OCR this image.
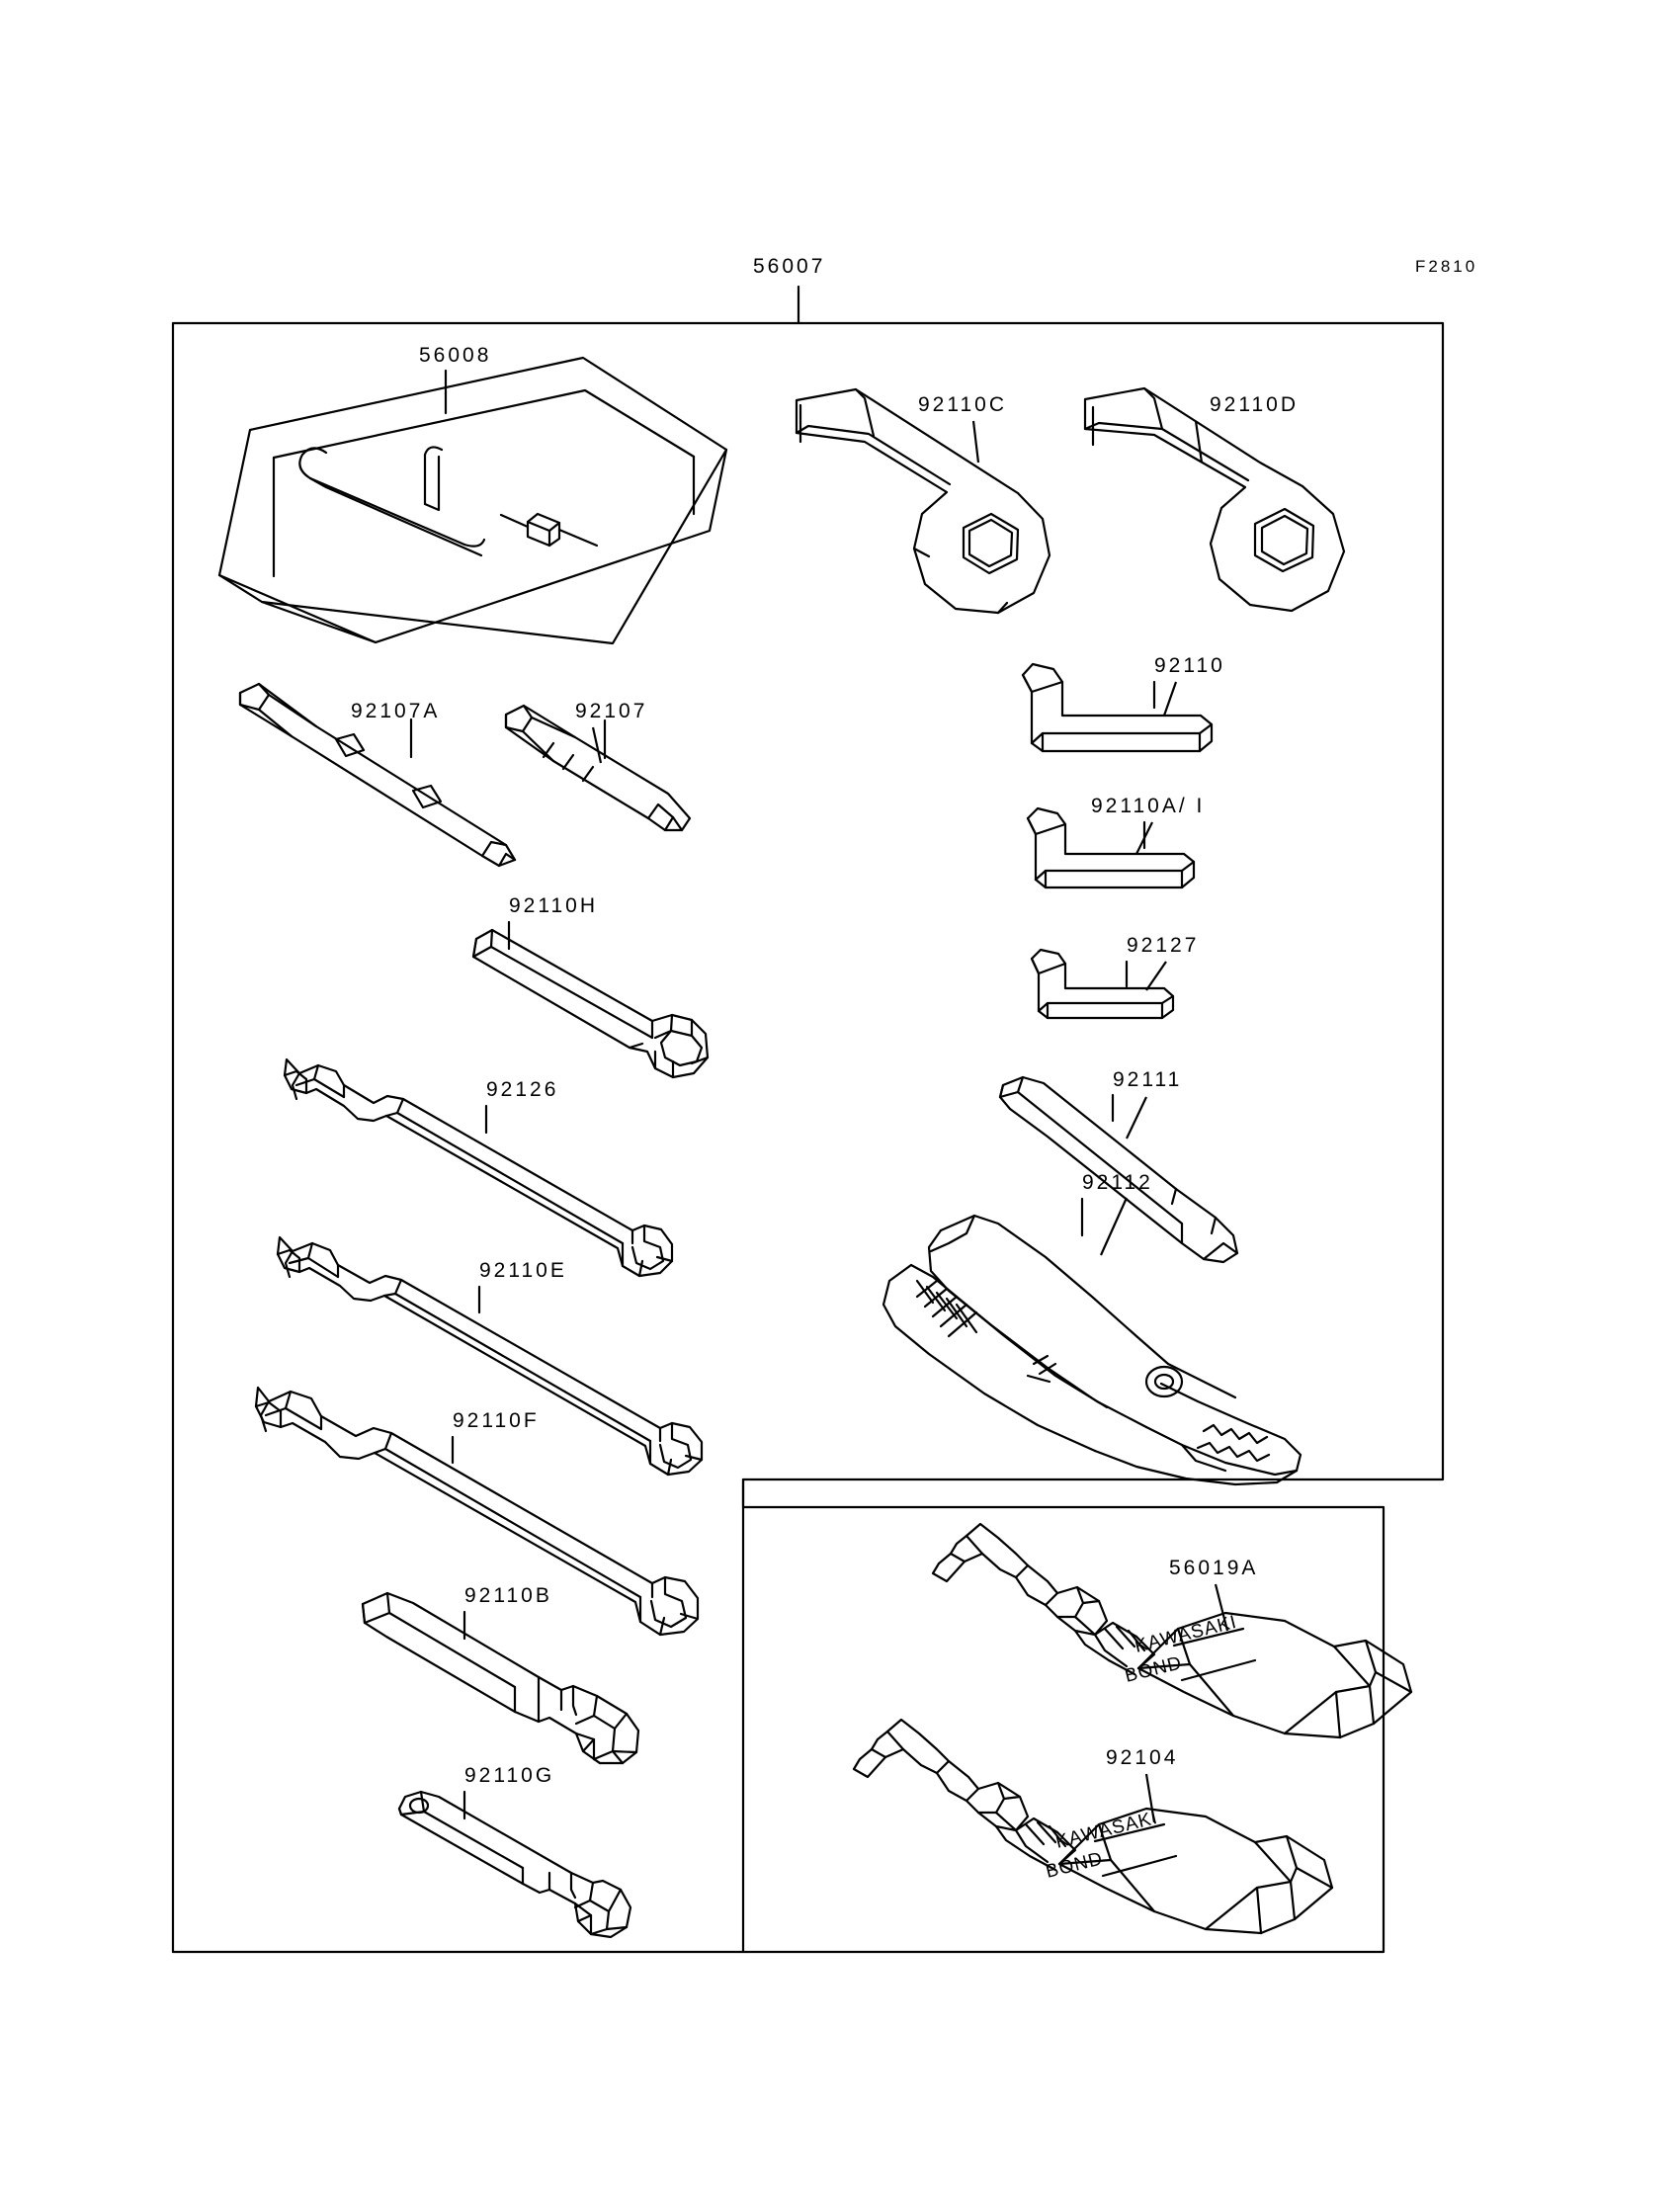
KAWASAKI
BOND
KAWASAKI
BOND
F2810
56007
56008
92110C	92110D
92107A	92107
92110
92110A/ I
92127
92110H
92111
92126
92112
92110E
92110F
92110B
56019A
92110G
92104
